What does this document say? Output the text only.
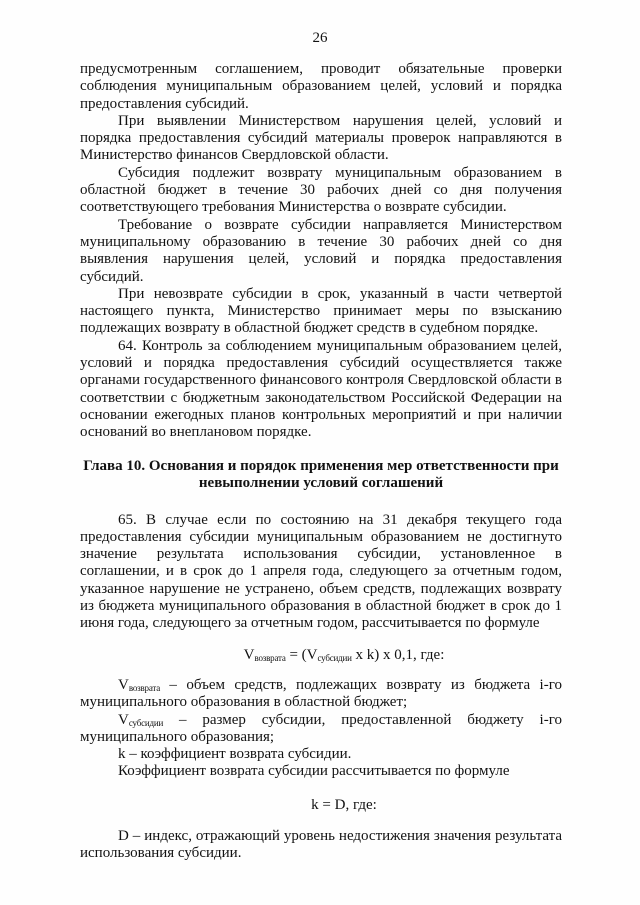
26

предусмотренным соглашением, проводит обязательные проверки соблюдения муниципальным образованием целей, условий и порядка предоставления субсидий.

При выявлении Министерством нарушения целей, условий и порядка предоставления субсидий материалы проверок направляются в Министерство финансов Свердловской области.

Субсидия подлежит возврату муниципальным образованием в областной бюджет в течение 30 рабочих дней со дня получения соответствующего требования Министерства о возврате субсидии.

Требование о возврате субсидии направляется Министерством муниципальному образованию в течение 30 рабочих дней со дня выявления нарушения целей, условий и порядка предоставления субсидий.

При невозврате субсидии в срок, указанный в части четвертой настоящего пункта, Министерство принимает меры по взысканию подлежащих возврату в областной бюджет средств в судебном порядке.

64. Контроль за соблюдением муниципальным образованием целей, условий и порядка предоставления субсидий осуществляется также органами государственного финансового контроля Свердловской области в соответствии с бюджетным законодательством Российской Федерации на основании ежегодных планов контрольных мероприятий и при наличии оснований во внеплановом порядке.

Глава 10. Основания и порядок применения мер ответственности при
невыполнении условий соглашений

65. В случае если по состоянию на 31 декабря текущего года предоставления субсидии муниципальным образованием не достигнуто значение результата использования субсидии, установленное в соглашении, и в срок до 1 апреля года, следующего за отчетным годом, указанное нарушение не устранено, объем средств, подлежащих возврату из бюджета муниципального образования в областной бюджет в срок до 1 июня года, следующего за отчетным годом, рассчитывается по формуле

$V_{возврата} = (V_{субсидии}$ x k) x 0,1, где:

$V_{возврата}$ – объем средств, подлежащих возврату из бюджета i-го муниципального образования в областной бюджет;

$V_{субсидии}$ – размер субсидии, предоставленной бюджету i-го муниципального образования;

k – коэффициент возврата субсидии.

Коэффициент возврата субсидии рассчитывается по формуле

k = D, где:

D – индекс, отражающий уровень недостижения значения результата использования субсидии.
